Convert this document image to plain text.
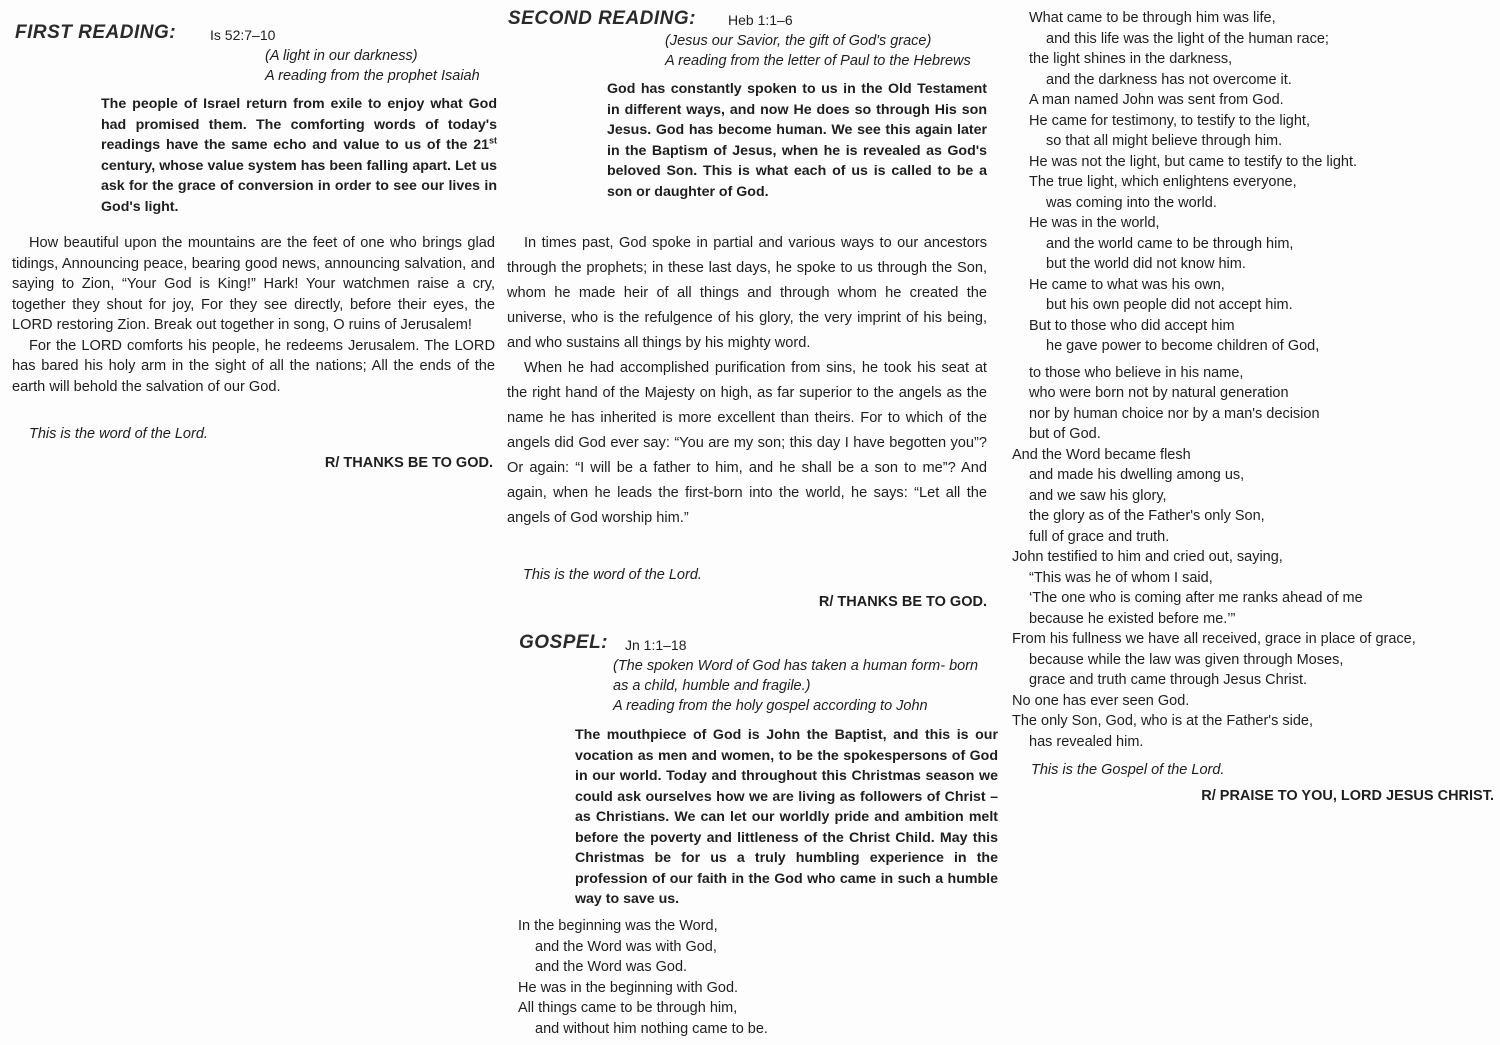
FIRST READING: Is 52:7–10
(A light in our darkness)
A reading from the prophet Isaiah
The people of Israel return from exile to enjoy what God had promised them. The comforting words of today's readings have the same echo and value to us of the 21st century, whose value system has been falling apart. Let us ask for the grace of conversion in order to see our lives in God's light.

How beautiful upon the mountains are the feet of one who brings glad tidings, Announcing peace, bearing good news, announcing salvation, and saying to Zion, “Your God is King!” Hark! Your watchmen raise a cry, together they shout for joy, For they see directly, before their eyes, the LORD restoring Zion. Break out together in song, O ruins of Jerusalem!

For the LORD comforts his people, he redeems Jerusalem. The LORD has bared his holy arm in the sight of all the nations; All the ends of the earth will behold the salvation of our God.

This is the word of the Lord.
R/ THANKS BE TO GOD.
SECOND READING: Heb 1:1–6
(Jesus our Savior, the gift of God's grace)
A reading from the letter of Paul to the Hebrews
God has constantly spoken to us in the Old Testament in different ways, and now He does so through His son Jesus. God has become human. We see this again later in the Baptism of Jesus, when he is revealed as God's beloved Son. This is what each of us is called to be a son or daughter of God.

In times past, God spoke in partial and various ways to our ancestors through the prophets; in these last days, he spoke to us through the Son, whom he made heir of all things and through whom he created the universe, who is the refulgence of his glory, the very imprint of his being, and who sustains all things by his mighty word.

When he had accomplished purification from sins, he took his seat at the right hand of the Majesty on high, as far superior to the angels as the name he has inherited is more excellent than theirs. For to which of the angels did God ever say: “You are my son; this day I have begotten you”? Or again: “I will be a father to him, and he shall be a son to me”? And again, when he leads the first-born into the world, he says: “Let all the angels of God worship him.”

This is the word of the Lord.
R/ THANKS BE TO GOD.
GOSPEL: Jn 1:1–18
(The spoken Word of God has taken a human form- born
as a child, humble and fragile.)
A reading from the holy gospel according to John
The mouthpiece of God is John the Baptist, and this is our vocation as men and women, to be the spokespersons of God in our world. Today and throughout this Christmas season we could ask ourselves how we are living as followers of Christ – as Christians. We can let our worldly pride and ambition melt before the poverty and littleness of the Christ Child. May this Christmas be for us a truly humbling experience in the profession of our faith in the God who came in such a humble way to save us.
In the beginning was the Word,
and the Word was with God,
and the Word was God.
He was in the beginning with God.
All things came to be through him,
and without him nothing came to be.
What came to be through him was life,
and this life was the light of the human race;
the light shines in the darkness,
and the darkness has not overcome it.
A man named John was sent from God.
He came for testimony, to testify to the light,
so that all might believe through him.
He was not the light, but came to testify to the light.
The true light, which enlightens everyone,
was coming into the world.
He was in the world,
and the world came to be through him,
but the world did not know him.
He came to what was his own,
but his own people did not accept him.
But to those who did accept him
he gave power to become children of God,
to those who believe in his name,
who were born not by natural generation
nor by human choice nor by a man's decision
but of God.
And the Word became flesh
and made his dwelling among us,
and we saw his glory,
the glory as of the Father's only Son,
full of grace and truth.
John testified to him and cried out, saying,
“This was he of whom I said,
‘The one who is coming after me ranks ahead of me
because he existed before me.’”
From his fullness we have all received, grace in place of grace,
because while the law was given through Moses,
grace and truth came through Jesus Christ.
No one has ever seen God.
The only Son, God, who is at the Father's side,
has revealed him.
This is the Gospel of the Lord.
R/ PRAISE TO YOU, LORD JESUS CHRIST.
